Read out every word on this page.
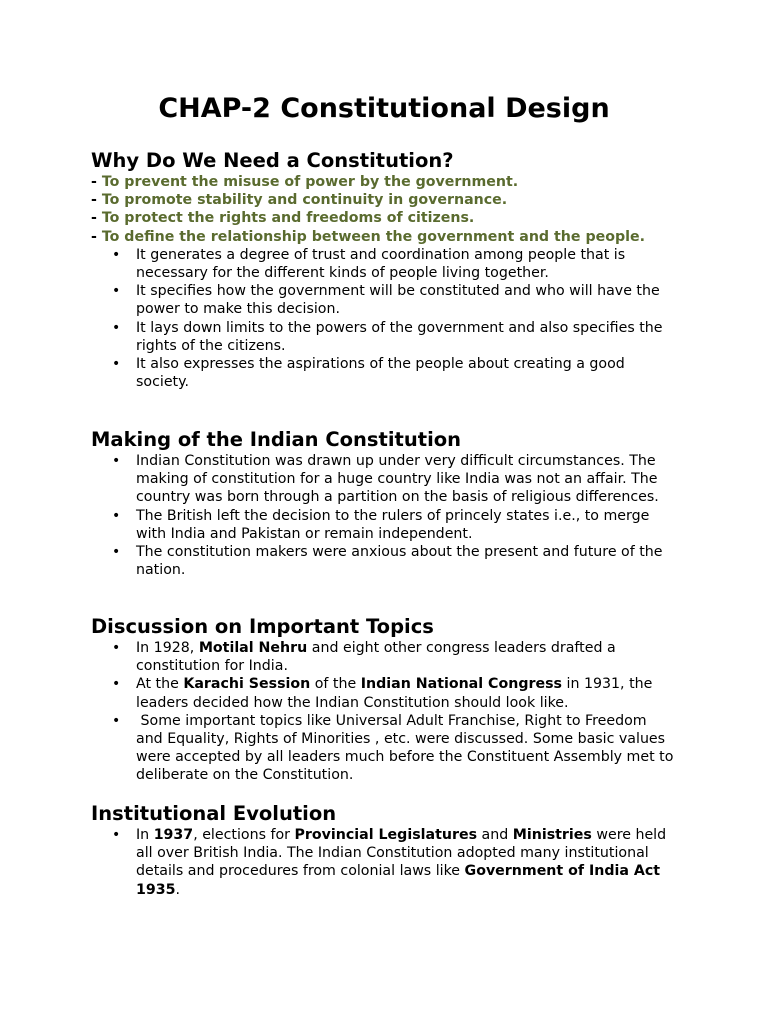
CHAP-2 Constitutional Design
Why Do We Need a Constitution?
- To prevent the misuse of power by the government.
- To promote stability and continuity in governance.
- To protect the rights and freedoms of citizens.
- To define the relationship between the government and the people.
• It generates a degree of trust and coordination among people that is necessary for the different kinds of people living together.
• It specifies how the government will be constituted and who will have the power to make this decision.
• It lays down limits to the powers of the government and also specifies the rights of the citizens.
• It also expresses the aspirations of the people about creating a good society.
Making of the Indian Constitution
• Indian Constitution was drawn up under very difficult circumstances. The making of constitution for a huge country like India was not an affair. The country was born through a partition on the basis of religious differences.
• The British left the decision to the rulers of princely states i.e., to merge with India and Pakistan or remain independent.
• The constitution makers were anxious about the present and future of the nation.
Discussion on Important Topics
• In 1928, Motilal Nehru and eight other congress leaders drafted a constitution for India.
• At the Karachi Session of the Indian National Congress in 1931, the leaders decided how the Indian Constitution should look like.
• Some important topics like Universal Adult Franchise, Right to Freedom and Equality, Rights of Minorities , etc. were discussed. Some basic values were accepted by all leaders much before the Constituent Assembly met to deliberate on the Constitution.
Institutional Evolution
• In 1937, elections for Provincial Legislatures and Ministries were held all over British India. The Indian Constitution adopted many institutional details and procedures from colonial laws like Government of India Act 1935.
